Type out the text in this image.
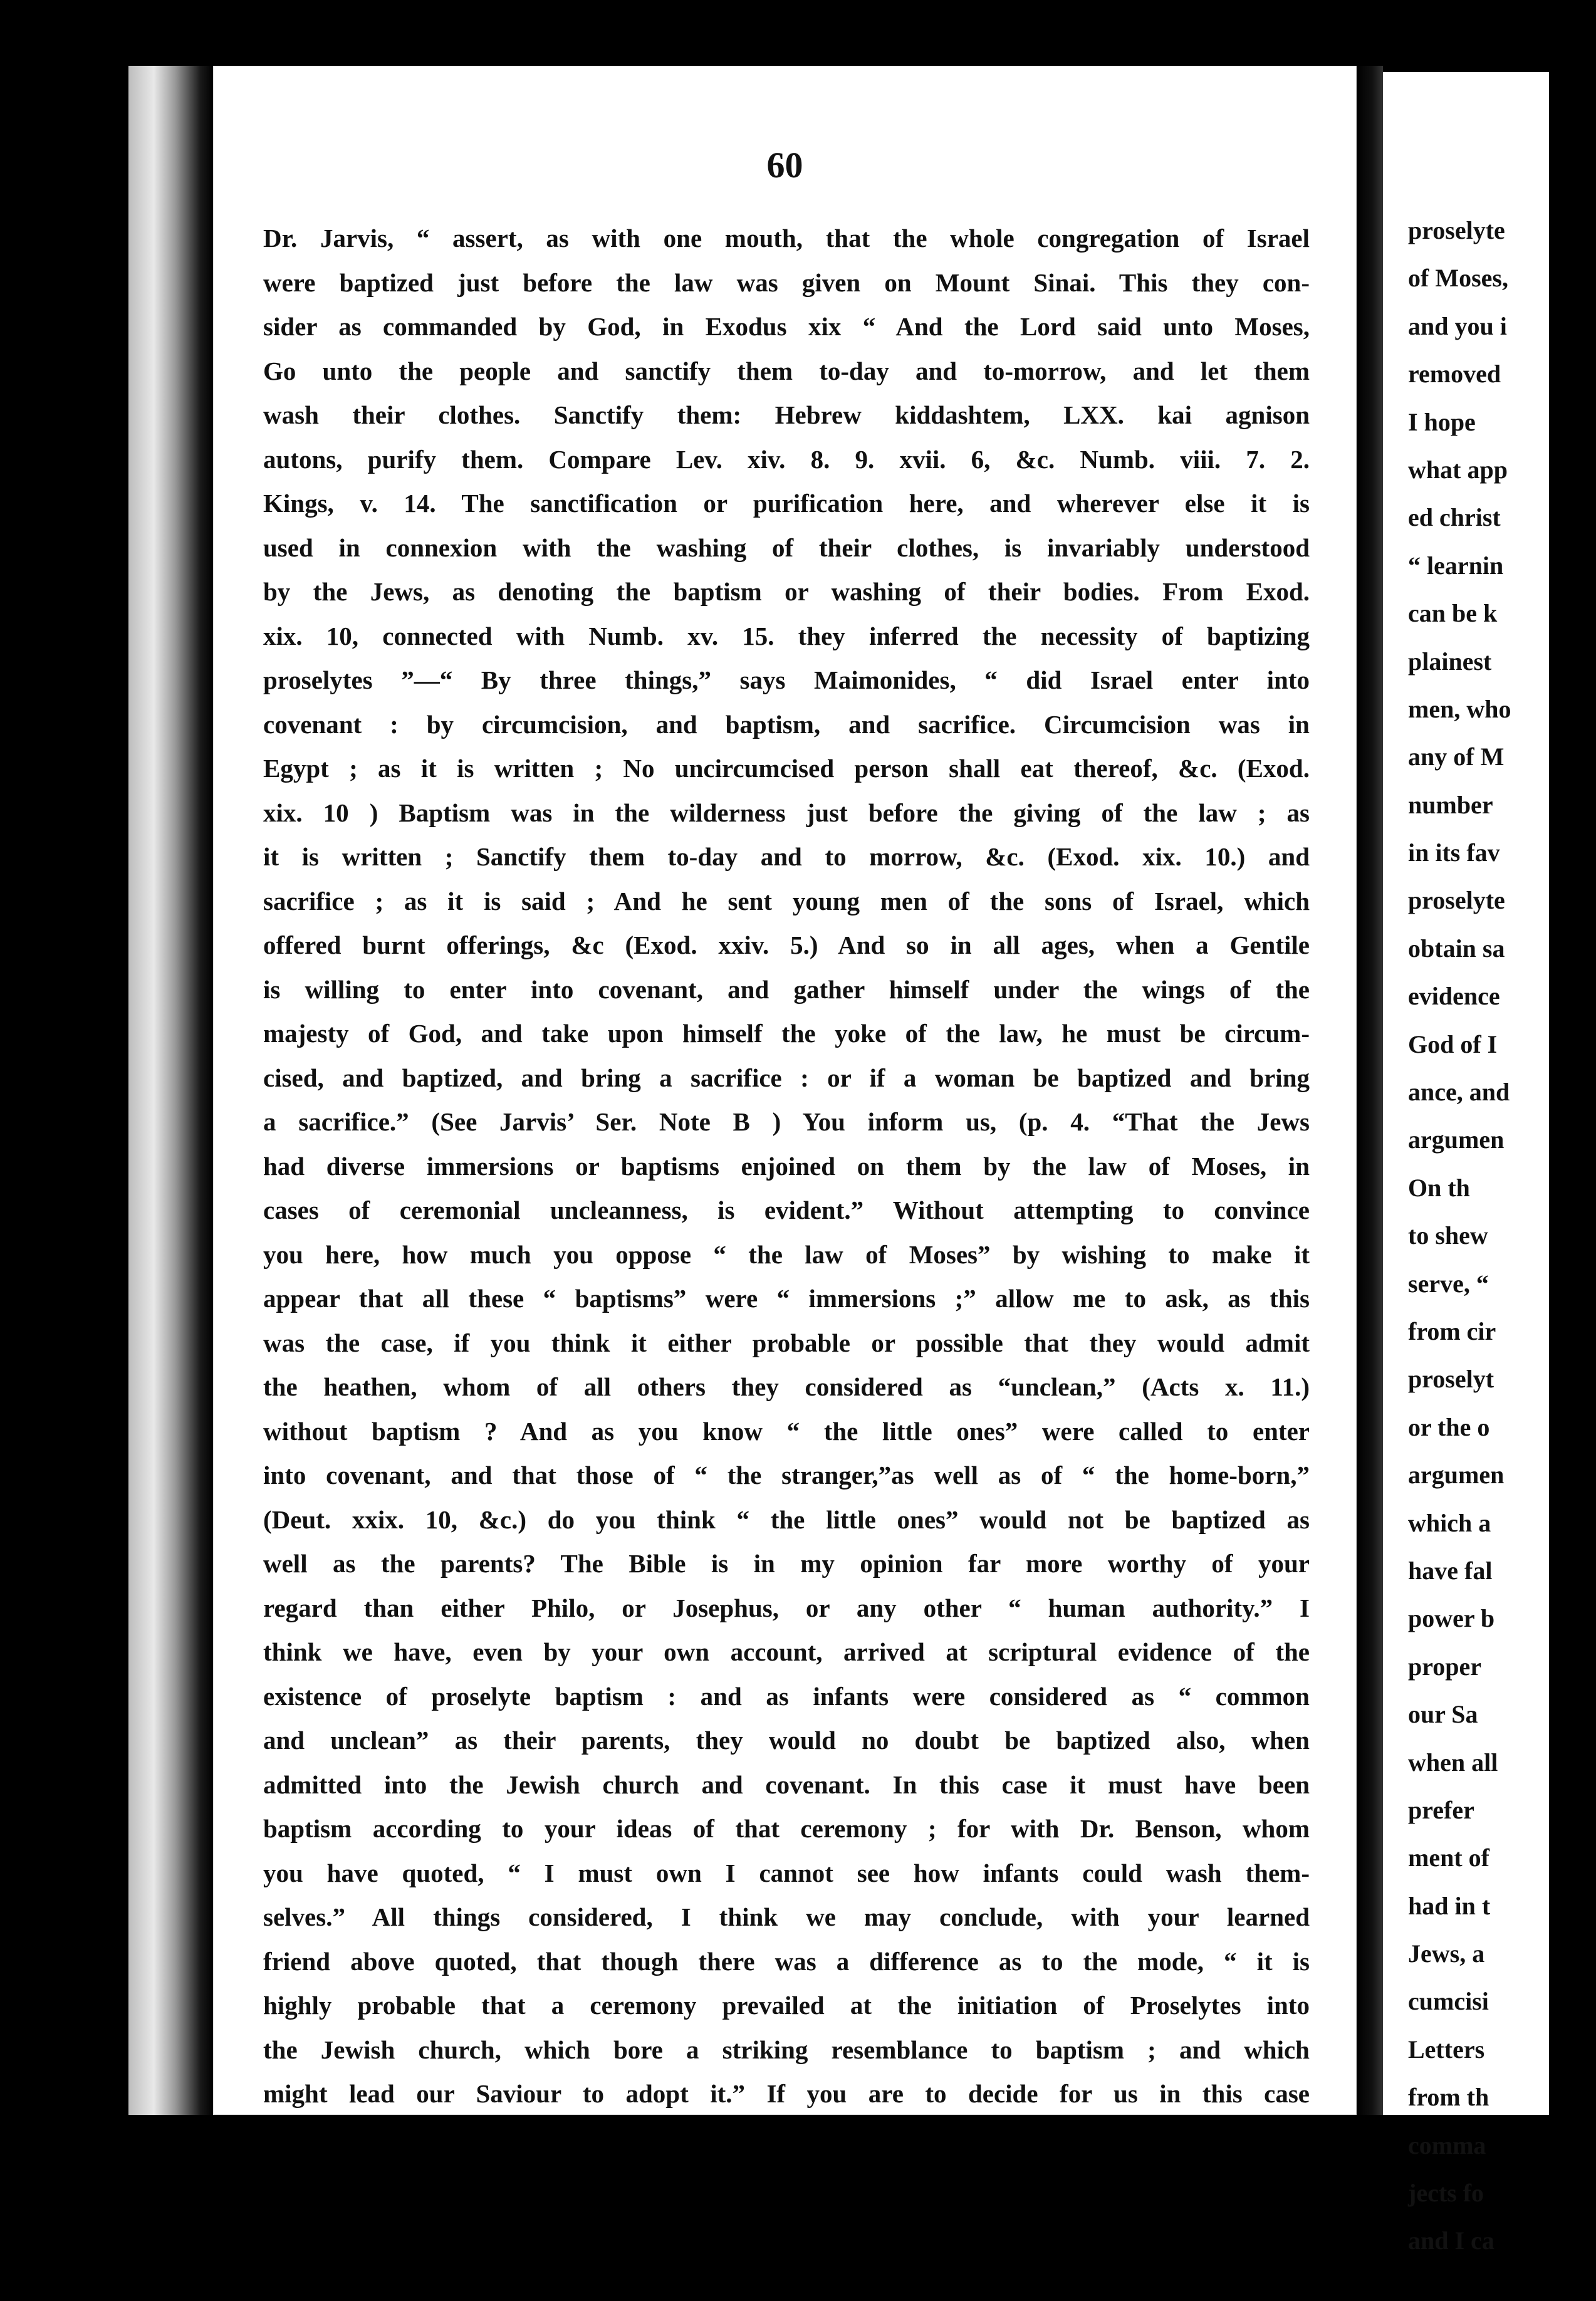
60
Dr. Jarvis, “ assert, as with one mouth, that the whole congregation of Israel
were baptized just before the law was given on Mount Sinai. This they con-
sider as commanded by God, in Exodus xix “ And the Lord said unto Moses,
Go unto the people and sanctify them to-day and to-morrow, and let them
wash their clothes. Sanctify them: Hebrew kiddashtem, LXX. kai agnison
autons, purify them. Compare Lev. xiv. 8. 9. xvii. 6, &c. Numb. viii. 7. 2.
Kings, v. 14. The sanctification or purification here, and wherever else it is
used in connexion with the washing of their clothes, is invariably understood
by the Jews, as denoting the baptism or washing of their bodies. From Exod.
xix. 10, connected with Numb. xv. 15. they inferred the necessity of baptizing
proselytes ”—“ By three things,” says Maimonides, “ did Israel enter into
covenant : by circumcision, and baptism, and sacrifice. Circumcision was in
Egypt ; as it is written ; No uncircumcised person shall eat thereof, &c. (Exod.
xix. 10 ) Baptism was in the wilderness just before the giving of the law ; as
it is written ; Sanctify them to-day and to morrow, &c. (Exod. xix. 10.) and
sacrifice ; as it is said ; And he sent young men of the sons of Israel, which
offered burnt offerings, &c (Exod. xxiv. 5.) And so in all ages, when a Gentile
is willing to enter into covenant, and gather himself under the wings of the
majesty of God, and take upon himself the yoke of the law, he must be circum-
cised, and baptized, and bring a sacrifice : or if a woman be baptized and bring
a sacrifice.” (See Jarvis’ Ser. Note B ) You inform us, (p. 4. “That the Jews
had diverse immersions or baptisms enjoined on them by the law of Moses, in
cases of ceremonial uncleanness, is evident.” Without attempting to convince
you here, how much you oppose “ the law of Moses” by wishing to make it
appear that all these “ baptisms” were “ immersions ;” allow me to ask, as this
was the case, if you think it either probable or possible that they would admit
the heathen, whom of all others they considered as “unclean,” (Acts x. 11.)
without baptism ? And as you know “ the little ones” were called to enter
into covenant, and that those of “ the stranger,”as well as of “ the home-born,”
(Deut. xxix. 10, &c.) do you think “ the little ones” would not be baptized as
well as the parents? The Bible is in my opinion far more worthy of your
regard than either Philo, or Josephus, or any other “ human authority.” I
think we have, even by your own account, arrived at scriptural evidence of the
existence of proselyte baptism : and as infants were considered as “ common
and unclean” as their parents, they would no doubt be baptized also, when
admitted into the Jewish church and covenant. In this case it must have been
baptism according to your ideas of that ceremony ; for with Dr. Benson, whom
you have quoted, “ I must own I cannot see how infants could wash them-
selves.” All things considered, I think we may conclude, with your learned
friend above quoted, that though there was a difference as to the mode, “ it is
highly probable that a ceremony prevailed at the initiation of Proselytes into
the Jewish church, which bore a striking resemblance to baptism ; and which
might lead our Saviour to adopt it.” If you are to decide for us in this case
proselyte
of Moses,
and you i
removed
I hope
what app
ed christ
“ learnin
can be k
plainest
men, who
any of M
number
in its fav
proselyte
obtain sa
evidence
God of I
ance, and
argumen
On th
to shew
serve, “
from cir
proselyt
or the o
argumen
which a
have fal
power b
proper
our Sa
when all
prefer
ment of
had in t
Jews, a
cumcisi
Letters
from th
comma
jects fo
and I ca
